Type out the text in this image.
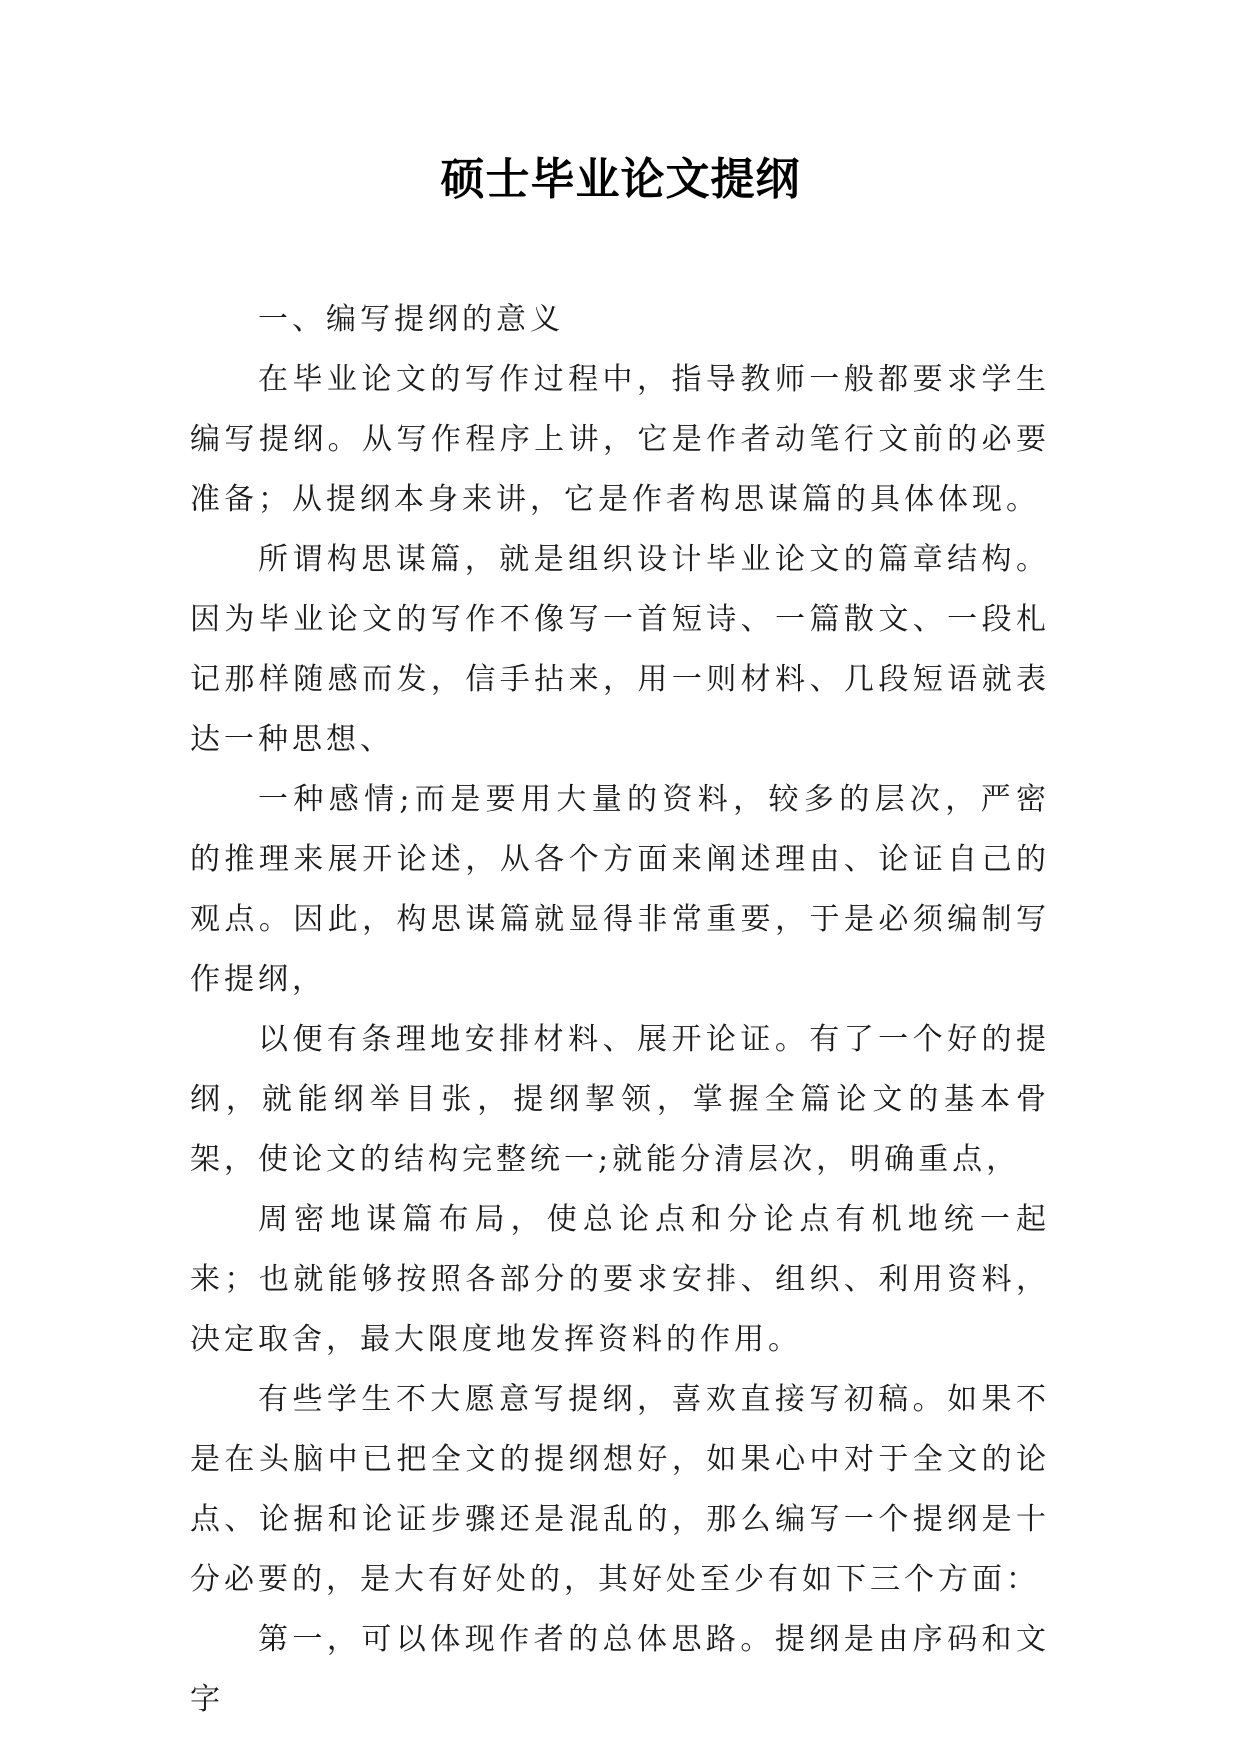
硕士毕业论文提纲

一、编写提纲的意义

在毕业论文的写作过程中，指导教师一般都要求学生编写提纲。从写作程序上讲，它是作者动笔行文前的必要准备；从提纲本身来讲，它是作者构思谋篇的具体体现。

所谓构思谋篇，就是组织设计毕业论文的篇章结构。因为毕业论文的写作不像写一首短诗、一篇散文、一段札记那样随感而发，信手拈来，用一则材料、几段短语就表达一种思想、

一种感情;而是要用大量的资料，较多的层次，严密的推理来展开论述，从各个方面来阐述理由、论证自己的观点。因此，构思谋篇就显得非常重要，于是必须编制写作提纲，

以便有条理地安排材料、展开论证。有了一个好的提纲，就能纲举目张，提纲挈领，掌握全篇论文的基本骨架，使论文的结构完整统一;就能分清层次，明确重点，

周密地谋篇布局，使总论点和分论点有机地统一起来；也就能够按照各部分的要求安排、组织、利用资料，决定取舍，最大限度地发挥资料的作用。

有些学生不大愿意写提纲，喜欢直接写初稿。如果不是在头脑中已把全文的提纲想好，如果心中对于全文的论点、论据和论证步骤还是混乱的，那么编写一个提纲是十分必要的，是大有好处的，其好处至少有如下三个方面：

第一，可以体现作者的总体思路。提纲是由序码和文字
